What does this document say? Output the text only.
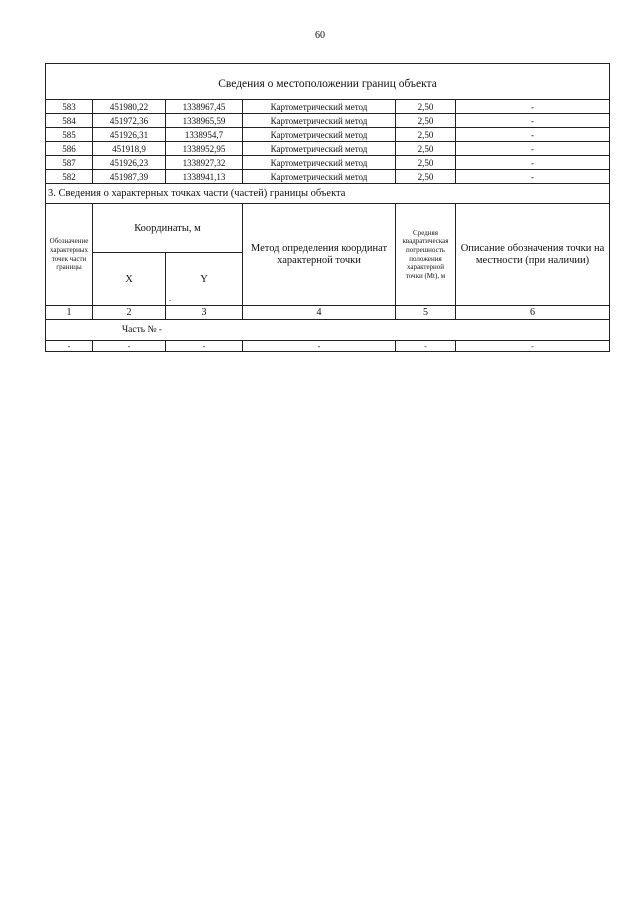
60
Сведения о местоположении границ объекта					
583	451980,22	1338967,45	Картометрический метод	2,50	-
584	451972,36	1338965,59	Картометрический метод	2,50	-
585	451926,31	1338954,7	Картометрический метод	2,50	-
586	451918,9	1338952,95	Картометрический метод	2,50	-
587	451926,23	1338927,32	Картометрический метод	2,50	-
582	451987,39	1338941,13	Картометрический метод	2,50	-
3. Сведения о характерных точках части (частей) границы объекта					
Обозначение характерных точек части границы	Координаты, м		Метод определения координат характерной точки	Средняя квадратическая погрешность положения характерной точки (Mt), м	Описание обозначения точки на местности (при наличии)
	X	Y
-			

1	2	3	4	5	6
Часть № -					
-	-	-	-	-	-
